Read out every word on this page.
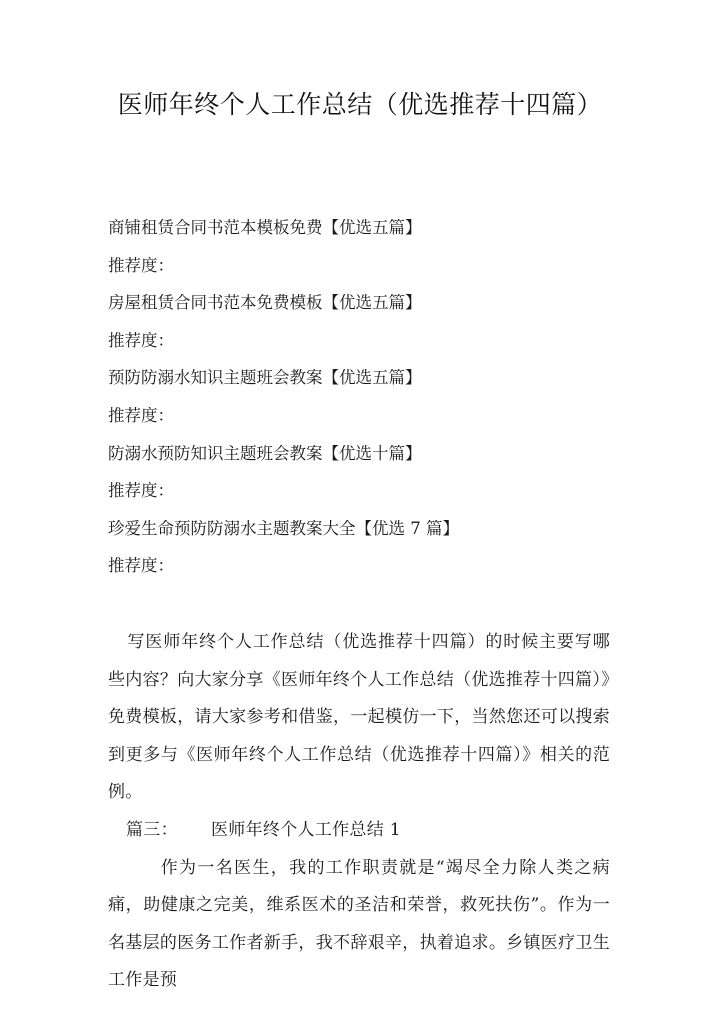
医师年终个人工作总结（优选推荐十四篇）
商铺租赁合同书范本模板免费【优选五篇】
推荐度：
房屋租赁合同书范本免费模板【优选五篇】
推荐度：
预防防溺水知识主题班会教案【优选五篇】
推荐度：
防溺水预防知识主题班会教案【优选十篇】
推荐度：
珍爱生命预防防溺水主题教案大全【优选 7 篇】
推荐度：

写医师年终个人工作总结（优选推荐十四篇）的时候主要写哪些内容？向大家分享《医师年终个人工作总结（优选推荐十四篇）》免费模板，请大家参考和借鉴，一起模仿一下，当然您还可以搜索到更多与《医师年终个人工作总结（优选推荐十四篇）》相关的范例。

篇三： 医师年终个人工作总结 1

作为一名医生，我的工作职责就是“竭尽全力除人类之病痛，助健康之完美，维系医术的圣洁和荣誉，救死扶伤”。作为一名基层的医务工作者新手，我不辞艰辛，执着追求。乡镇医疗卫生工作是预
